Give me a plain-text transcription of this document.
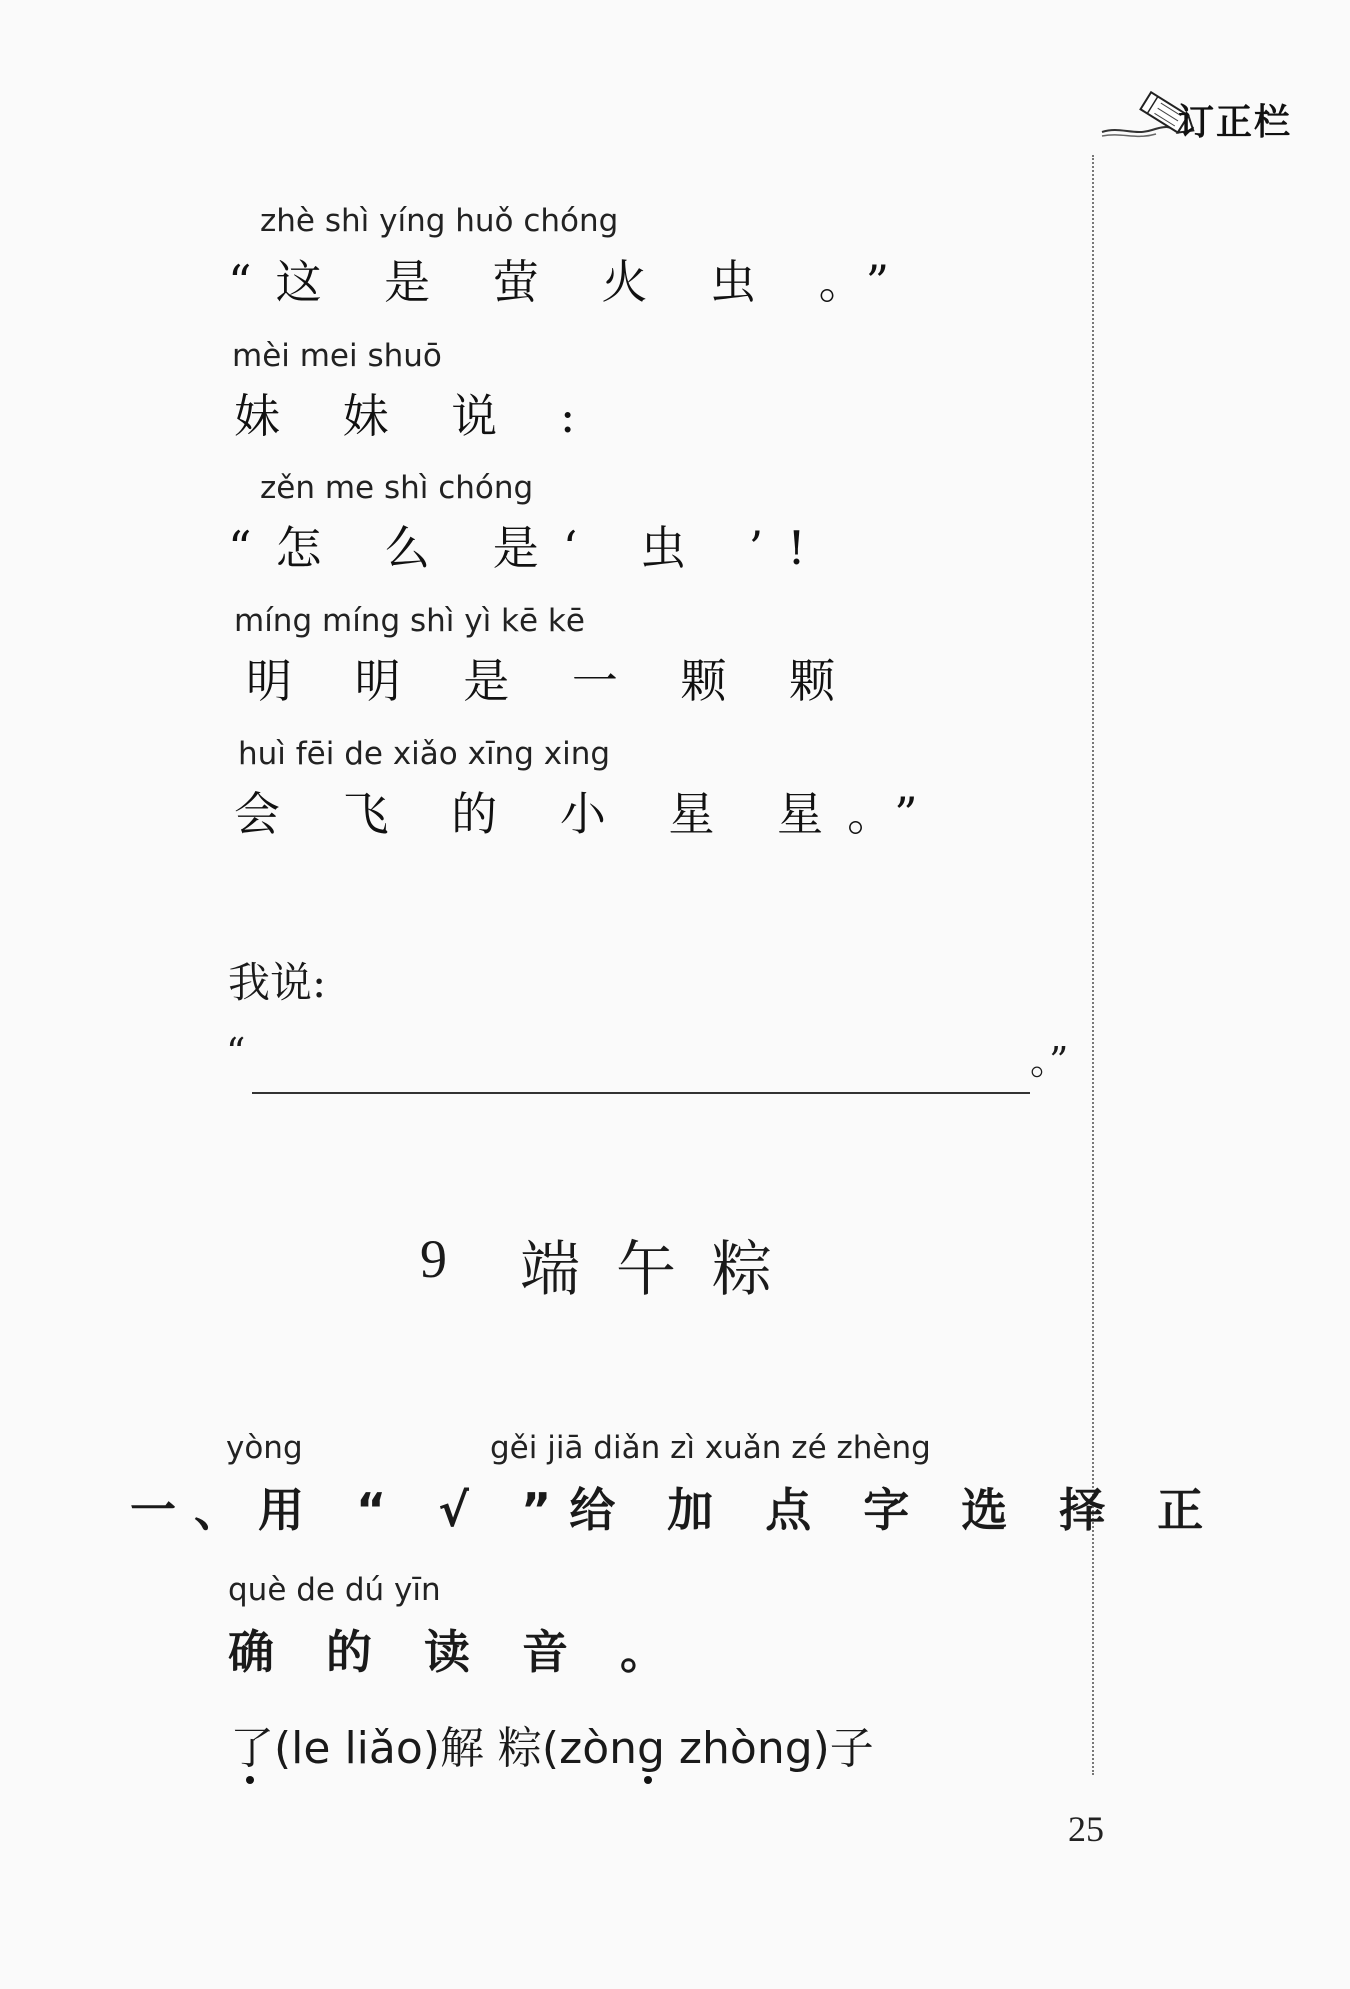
订正栏
zhè shì yíng huǒ chóng
“这 是 萤 火 虫 。”
mèi mei shuō
妹 妹 说 :
zěn me shì chóng
“怎 么 是‘ 虫 ’!
míng míng shì yì kē kē
明 明 是 一 颗 颗
huì fēi de xiǎo xīng xing
会 飞 的 小 星 星。”
我说:
“	。”
9 端午粽
yòng	gěi jiā diǎn zì xuǎn zé zhèng
一、用 “ √ ”给 加 点 字 选 择 正
què de dú yīn
确 的 读 音 。
了(le liǎo)解 粽(zòng zhòng)子
25
